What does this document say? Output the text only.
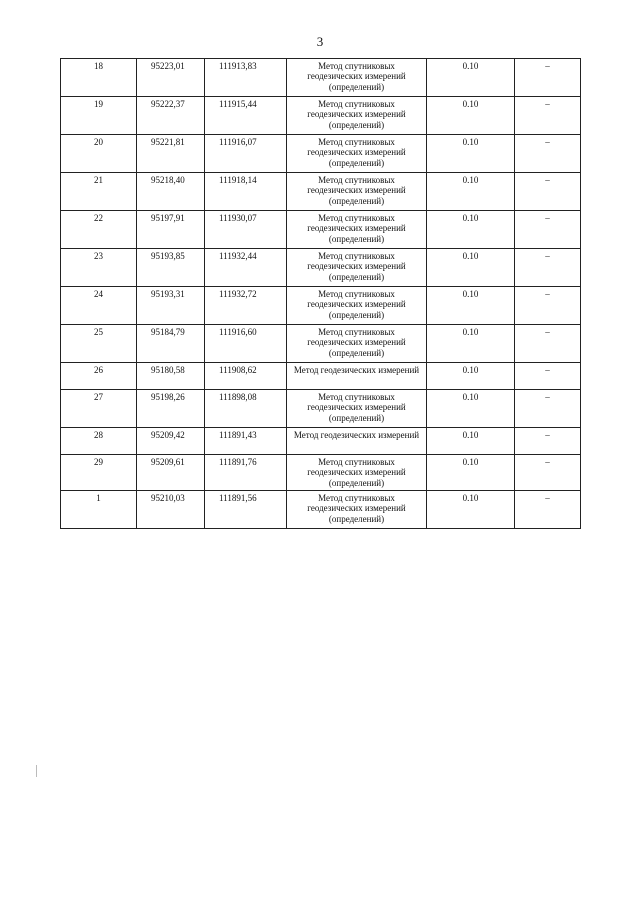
3
18	95223,01	111913,83	Метод спутниковых геодезических измерений (определений)	0.10	–
19	95222,37	111915,44	Метод спутниковых геодезических измерений (определений)	0.10	–
20	95221,81	111916,07	Метод спутниковых геодезических измерений (определений)	0.10	–
21	95218,40	111918,14	Метод спутниковых геодезических измерений (определений)	0.10	–
22	95197,91	111930,07	Метод спутниковых геодезических измерений (определений)	0.10	–
23	95193,85	111932,44	Метод спутниковых геодезических измерений (определений)	0.10	–
24	95193,31	111932,72	Метод спутниковых геодезических измерений (определений)	0.10	–
25	95184,79	111916,60	Метод спутниковых геодезических измерений (определений)	0.10	–
26	95180,58	111908,62	Метод геодезических измерений	0.10	–
27	95198,26	111898,08	Метод спутниковых геодезических измерений (определений)	0.10	–
28	95209,42	111891,43	Метод геодезических измерений	0.10	–
29	95209,61	111891,76	Метод спутниковых геодезических измерений (определений)	0.10	–
1	95210,03	111891,56	Метод спутниковых геодезических измерений (определений)	0.10	–
